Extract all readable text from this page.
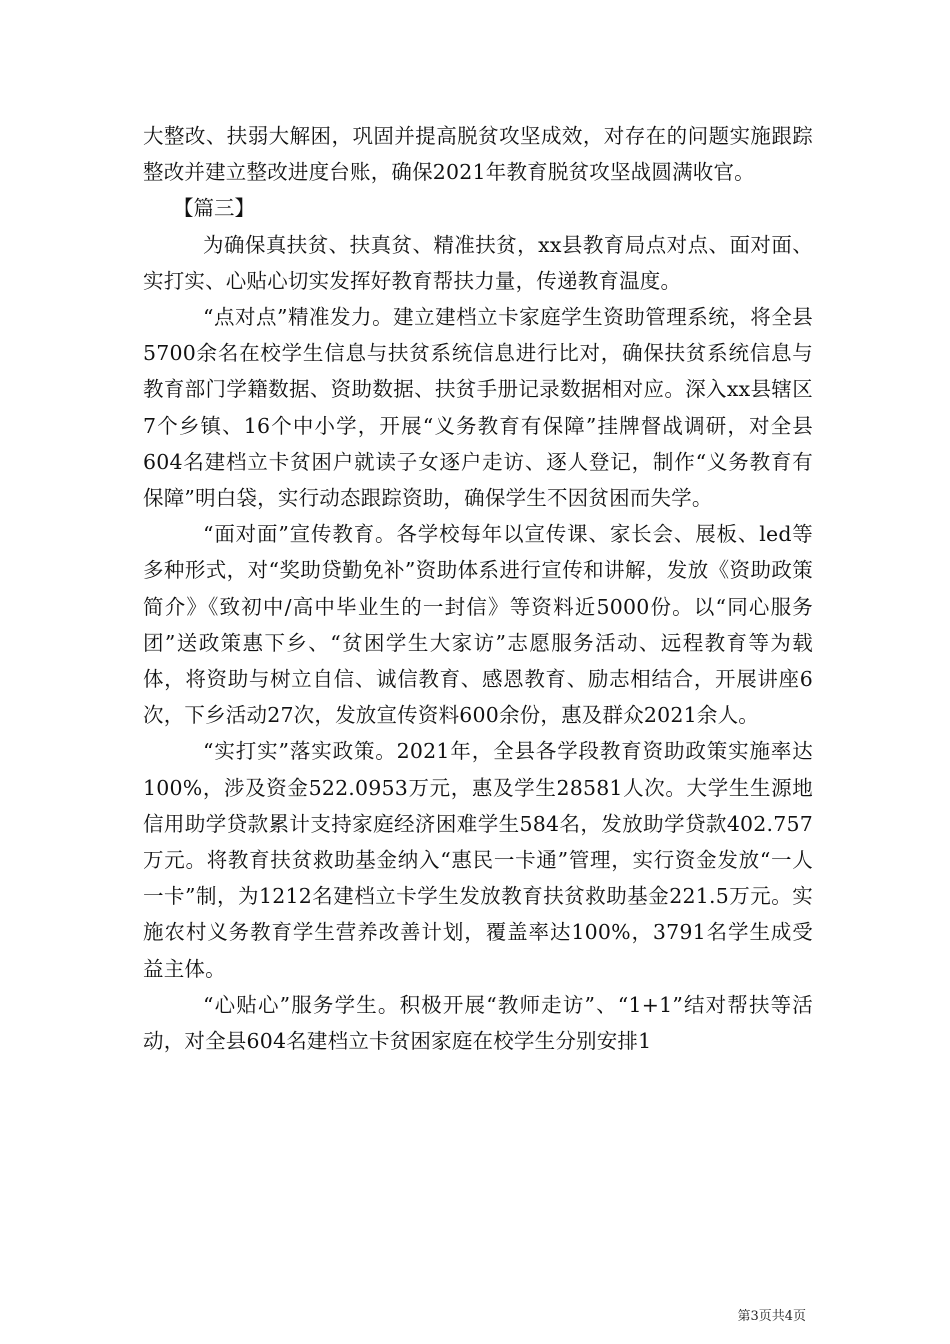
大整改、扶弱大解困，巩固并提高脱贫攻坚成效，对存在的问题实施跟踪整改并建立整改进度台账，确保2021年教育脱贫攻坚战圆满收官。

【篇三】

为确保真扶贫、扶真贫、精准扶贫，xx县教育局点对点、面对面、实打实、心贴心切实发挥好教育帮扶力量，传递教育温度。

“点对点”精准发力。建立建档立卡家庭学生资助管理系统，将全县5700余名在校学生信息与扶贫系统信息进行比对，确保扶贫系统信息与教育部门学籍数据、资助数据、扶贫手册记录数据相对应。深入xx县辖区7个乡镇、16个中小学，开展“义务教育有保障”挂牌督战调研，对全县604名建档立卡贫困户就读子女逐户走访、逐人登记，制作“义务教育有保障”明白袋，实行动态跟踪资助，确保学生不因贫困而失学。

“面对面”宣传教育。各学校每年以宣传课、家长会、展板、led等多种形式，对“奖助贷勤免补”资助体系进行宣传和讲解，发放《资助政策简介》《致初中/高中毕业生的一封信》等资料近5000份。以“同心服务团”送政策惠下乡、“贫困学生大家访”志愿服务活动、远程教育等为载体，将资助与树立自信、诚信教育、感恩教育、励志相结合，开展讲座6次，下乡活动27次，发放宣传资料600余份，惠及群众2021余人。

“实打实”落实政策。2021年，全县各学段教育资助政策实施率达100%，涉及资金522.0953万元，惠及学生28581人次。大学生生源地信用助学贷款累计支持家庭经济困难学生584名，发放助学贷款402.757万元。将教育扶贫救助基金纳入“惠民一卡通”管理，实行资金发放“一人一卡”制，为1212名建档立卡学生发放教育扶贫救助基金221.5万元。实施农村义务教育学生营养改善计划，覆盖率达100%，3791名学生成受益主体。

“心贴心”服务学生。积极开展“教师走访”、“1+1”结对帮扶等活动，对全县604名建档立卡贫困家庭在校学生分别安排1

第3页共4页
